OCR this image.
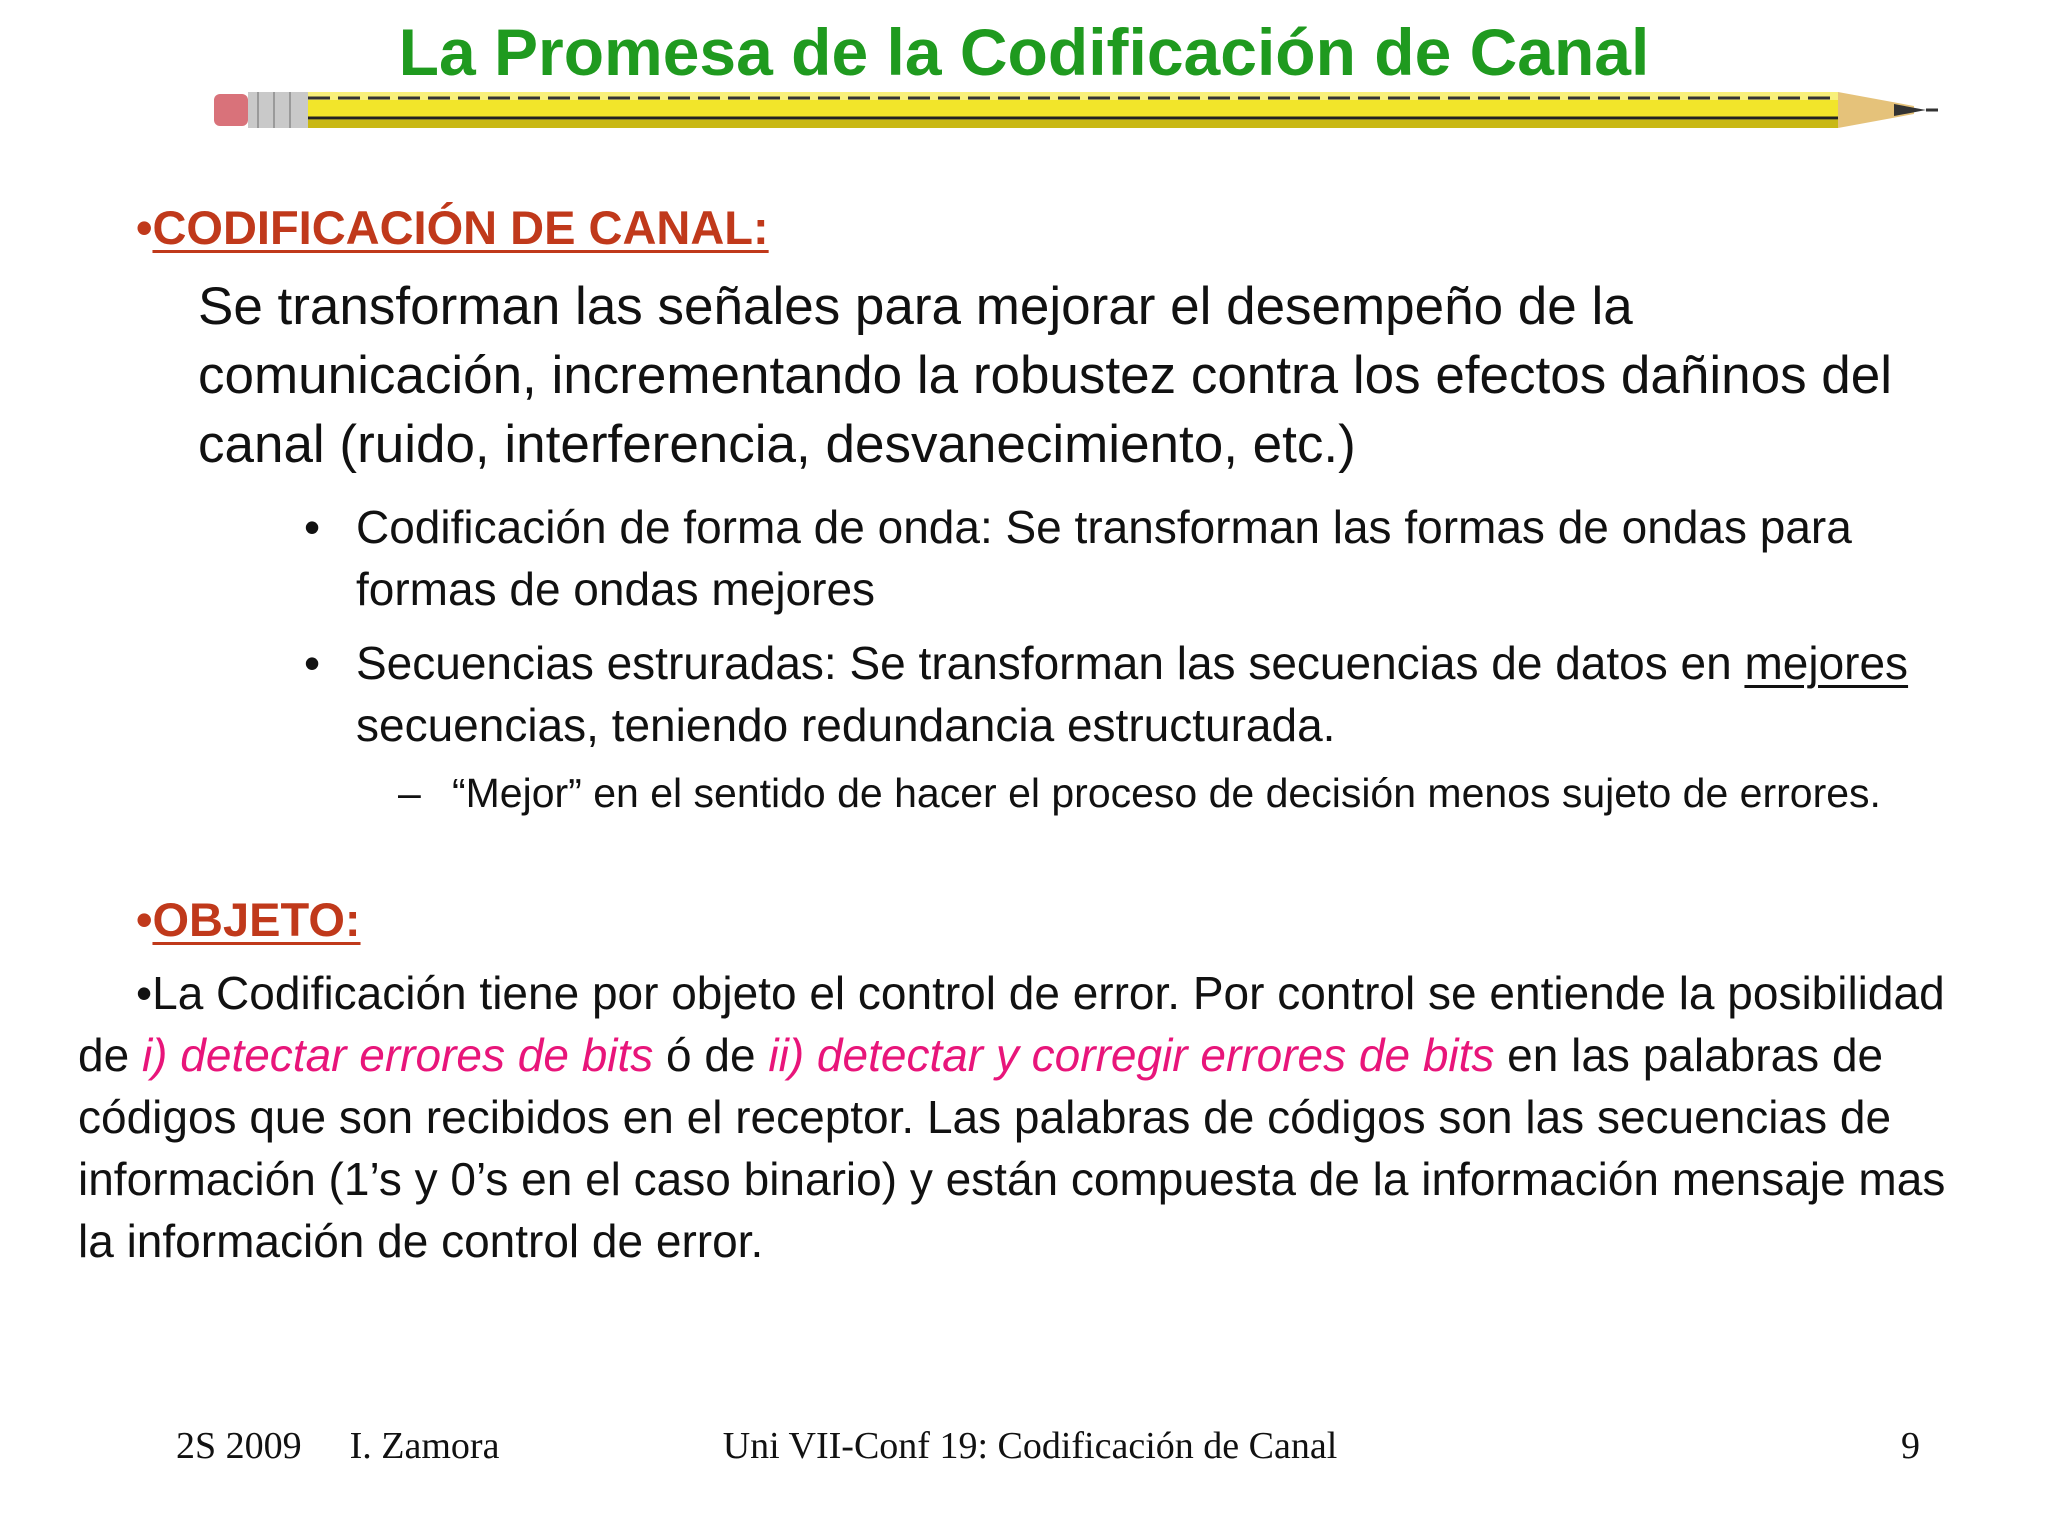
La Promesa de la Codificación de Canal
•CODIFICACIÓN DE CANAL:

Se transforman las señales para mejorar el desempeño de la comunicación, incrementando la robustez contra los efectos dañinos del canal (ruido, interferencia, desvanecimiento, etc.)

• Codificación de forma de onda: Se transforman las formas de ondas para formas de ondas mejores
• Secuencias estruradas: Se transforman las secuencias de datos en mejores secuencias, teniendo redundancia estructurada.
– “Mejor” en el sentido de hacer el proceso de decisión menos sujeto de errores.
•OBJETO:

•La Codificación tiene por objeto el control de error. Por control se entiende la posibilidad de i) detectar errores de bits ó de ii) detectar y corregir errores de bits en las palabras de códigos que son recibidos en el receptor. Las palabras de códigos son las secuencias de información (1’s y 0’s en el caso binario) y están compuesta de la información mensaje mas la información de control de error.

2S 2009 I. Zamora	Uni VII-Conf 19: Codificación de Canal	9
